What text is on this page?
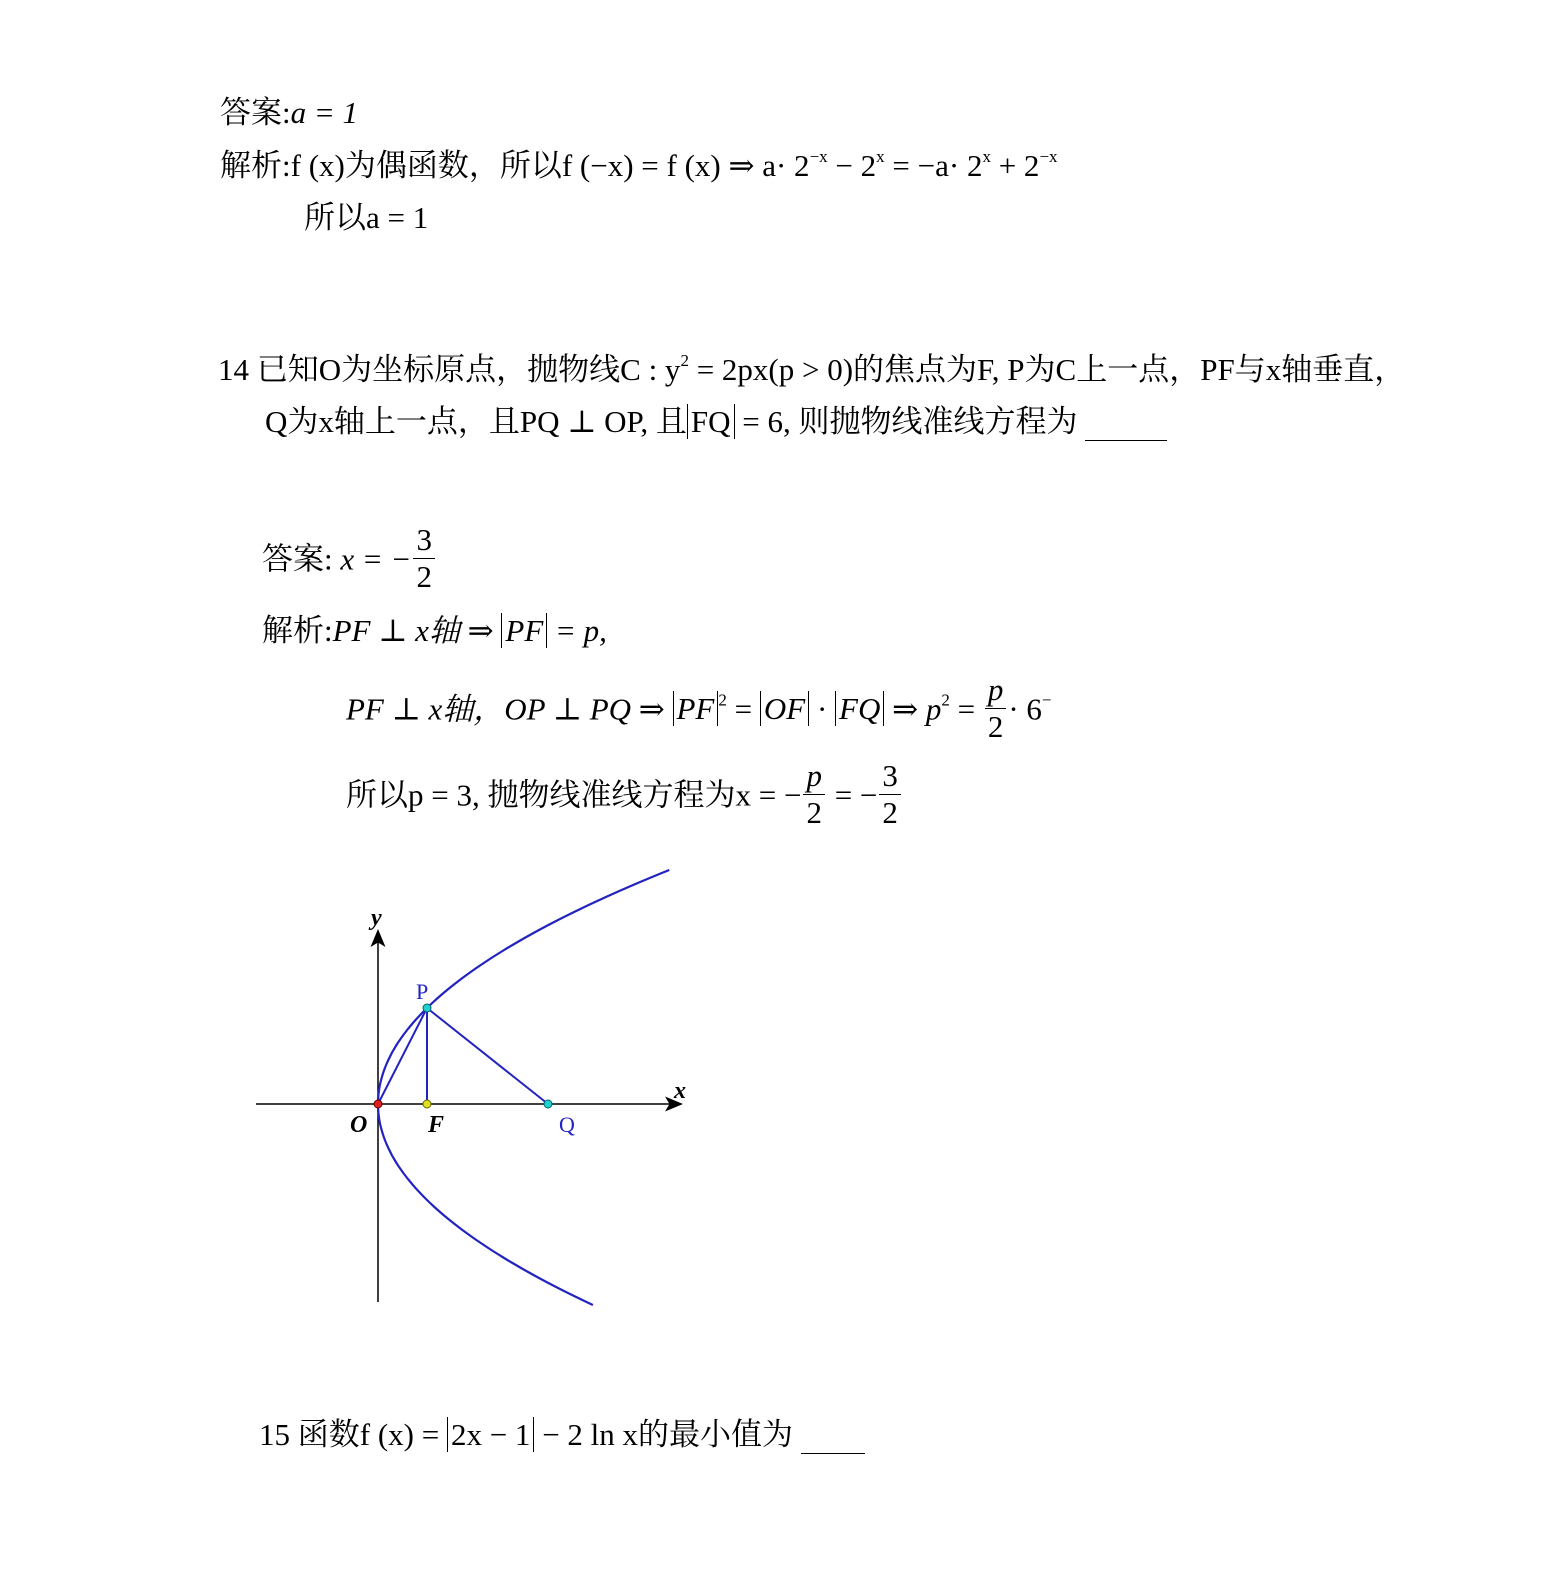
答案:a = 1
解析:f (x)为偶函数，所以f (−x) = f (x) ⇒ $a\cdot 2^{-x} - 2^x = -a\cdot 2^x + 2^{-x}$
所以a = 1
14 已知O为坐标原点，抛物线C : $y^2 = 2px(p > 0)$的焦点为F, P为C上一点，PF与x轴垂直，
Q为x轴上一点，且PQ ⊥ OP, 且 FQ = 6, 则抛物线准线方程为
答案: x = − $\frac{3}{2}$
解析:PF ⊥ x轴 ⇒ PF = p,
PF ⊥ x轴，OP ⊥ PQ ⇒ PF $^2$ = OF · FQ ⇒ $p^2 = \frac{p}{2} \cdot 6^-$
所以p = 3, 抛物线准线方程为x = − $\frac{p}{2}$ = − $\frac{3}{2}$
y
x
O	F
P
Q
15 函数f (x) = 2x − 1 − 2 ln x的最小值为
